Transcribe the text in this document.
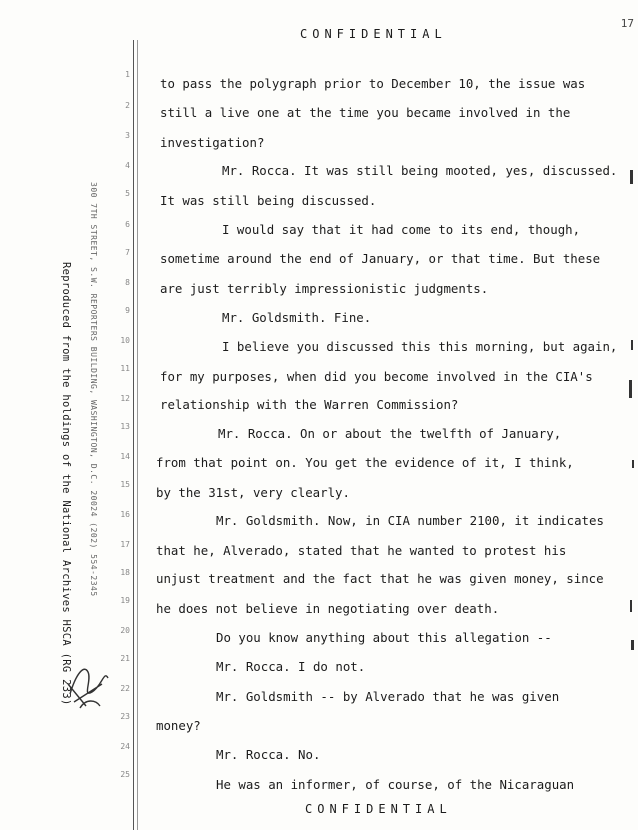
CONFIDENTIAL
17
Reproduced from the holdings of the National Archives HSCA (RG 233) 300 7TH STREET, S.W. REPORTERS BUILDING, WASHINGTON, D.C. 20024 (202) 554-2345
1
2
3
4
5
6
7
8
9
10
11
12
13
14
15
16
17
18
19
20
21
22
23
24
25
to pass the polygraph prior to December 10, the issue was
still a live one at the time you became involved in the
investigation?
Mr. Rocca. It was still being mooted, yes, discussed.
It was still being discussed.
I would say that it had come to its end, though,
sometime around the end of January, or that time. But these
are just terribly impressionistic judgments.
Mr. Goldsmith. Fine.
I believe you discussed this this morning, but again,
for my purposes, when did you become involved in the CIA's
relationship with the Warren Commission?
Mr. Rocca. On or about the twelfth of January,
from that point on. You get the evidence of it, I think,
by the 31st, very clearly.
Mr. Goldsmith. Now, in CIA number 2100, it indicates
that he, Alverado, stated that he wanted to protest his
unjust treatment and the fact that he was given money, since
he does not believe in negotiating over death.
Do you know anything about this allegation --
Mr. Rocca. I do not.
Mr. Goldsmith -- by Alverado that he was given
money?
Mr. Rocca. No.
He was an informer, of course, of the Nicaraguan
CONFIDENTIAL
